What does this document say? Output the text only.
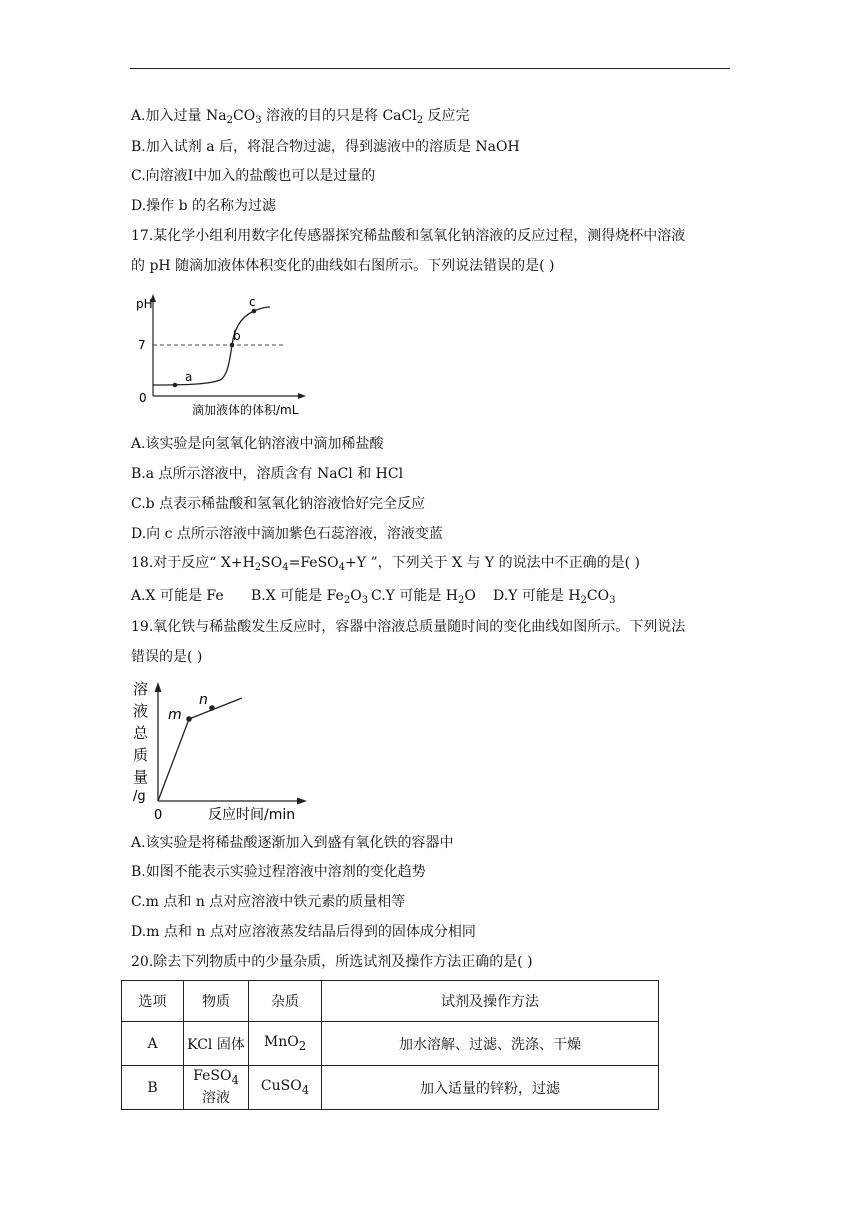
A.加入过量 $Na_2CO_3$ 溶液的目的只是将 CaCl$_2$ 反应完
B.加入试剂 a 后，将混合物过滤，得到滤液中的溶质是 NaOH
C.向溶液Ⅰ中加入的盐酸也可以是过量的
D.操作 b 的名称为过滤
17.某化学小组利用数字化传感器探究稀盐酸和氢氧化钠溶液的反应过程，测得烧杯中溶液
的 pH 随滴加液体体积变化的曲线如右图所示。下列说法错误的是( )
pH
7
0
a
b
c
滴加液体的体积/mL
A.该实验是向氢氧化钠溶液中滴加稀盐酸
B.a 点所示溶液中，溶质含有 NaCl 和 HCl
C.b 点表示稀盐酸和氢氧化钠溶液恰好完全反应
D.向 c 点所示溶液中滴加紫色石蕊溶液，溶液变蓝
18.对于反应“ $X+H_2SO_4=FeSO_4+Y$ ”，下列关于 X 与 Y 的说法中不正确的是( )
A.X 可能是 Fe B.X 可能是 $Fe_2O_3$ C.Y 可能是 $H_2O$ D.Y 可能是 $H_2CO_3$
19.氧化铁与稀盐酸发生反应时，容器中溶液总质量随时间的变化曲线如图所示。下列说法
错误的是( )
溶
液
总
质
量
/g
m
n
0	反应时间/min
A.该实验是将稀盐酸逐渐加入到盛有氧化铁的容器中
B.如图不能表示实验过程溶液中溶剂的变化趋势
C.m 点和 n 点对应溶液中铁元素的质量相等
D.m 点和 n 点对应溶液蒸发结晶后得到的固体成分相同
20.除去下列物质中的少量杂质，所选试剂及操作方法正确的是( )
选项	物质	杂质	试剂及操作方法
A	KCl 固体	MnO$_2$	加水溶解、过滤、洗涤、干燥
B	FeSO$_4$ 溶液	CuSO$_4$	加入适量的锌粉，过滤
